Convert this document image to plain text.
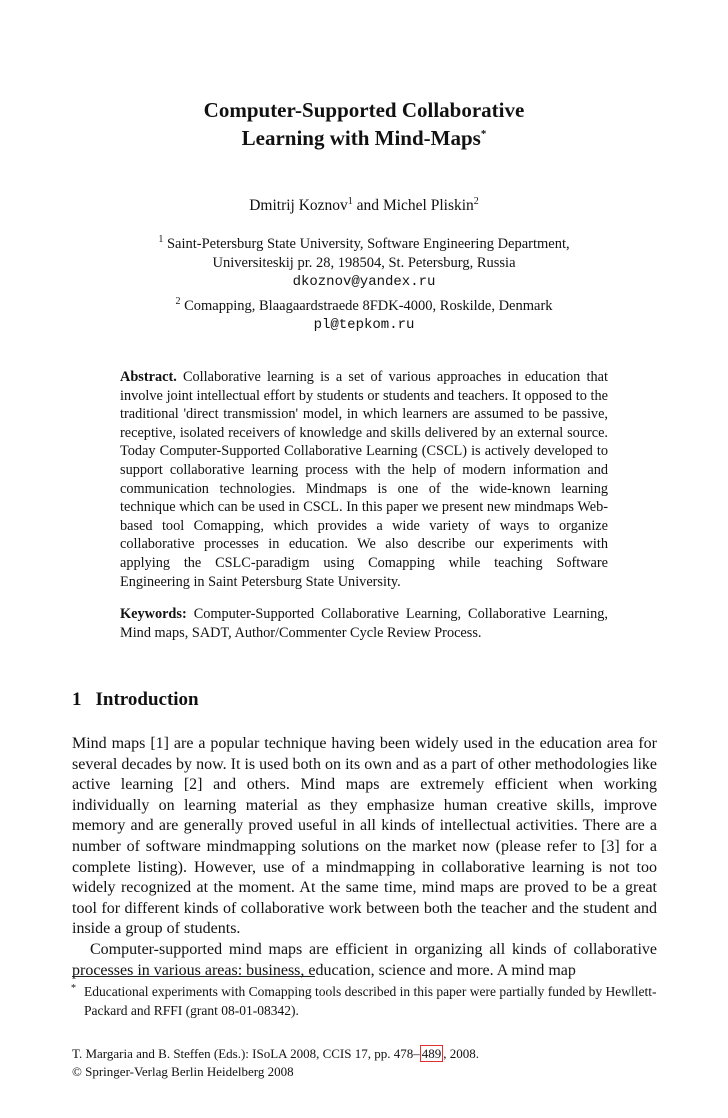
Computer-Supported Collaborative
Learning with Mind-Maps*
Dmitrij Koznov$^1$ and Michel Pliskin$^2$
$^1$ Saint-Petersburg State University, Software Engineering Department,
Universiteskij pr. 28, 198504, St. Petersburg, Russia
dkoznov@yandex.ru
$^2$ Comapping, Blaagaardstraede 8FDK-4000, Roskilde, Denmark
pl@tepkom.ru

Abstract. Collaborative learning is a set of various approaches in education that involve joint intellectual effort by students or students and teachers. It opposed to the traditional 'direct transmission' model, in which learners are assumed to be passive, receptive, isolated receivers of knowledge and skills delivered by an external source. Today Computer-Supported Collaborative Learning (CSCL) is actively developed to support collaborative learning process with the help of modern information and communication technologies. Mindmaps is one of the wide-known learning technique which can be used in CSCL. In this paper we present new mindmaps Web-based tool Comapping, which provides a wide variety of ways to organize collaborative processes in education. We also describe our experiments with applying the CSLC-paradigm using Comapping while teaching Software Engineering in Saint Petersburg State University.

Keywords: Computer-Supported Collaborative Learning, Collaborative Learning, Mind maps, SADT, Author/Commenter Cycle Review Process.

1 Introduction

Mind maps [1] are a popular technique having been widely used in the education area for several decades by now. It is used both on its own and as a part of other methodologies like active learning [2] and others. Mind maps are extremely efficient when working individually on learning material as they emphasize human creative skills, improve memory and are generally proved useful in all kinds of intellectual activities. There are a number of software mindmapping solutions on the market now (please refer to [3] for a complete listing). However, use of a mindmapping in collaborative learning is not too widely recognized at the moment. At the same time, mind maps are proved to be a great tool for different kinds of collaborative work between both the teacher and the student and inside a group of students.

Computer-supported mind maps are efficient in organizing all kinds of collaborative processes in various areas: business, education, science and more. A mind map

* Educational experiments with Comapping tools described in this paper were partially funded by Hewllett-Packard and RFFI (grant 08-01-08342).
T. Margaria and B. Steffen (Eds.): ISoLA 2008, CCIS 17, pp. 478– 489 , 2008.
© Springer-Verlag Berlin Heidelberg 2008
